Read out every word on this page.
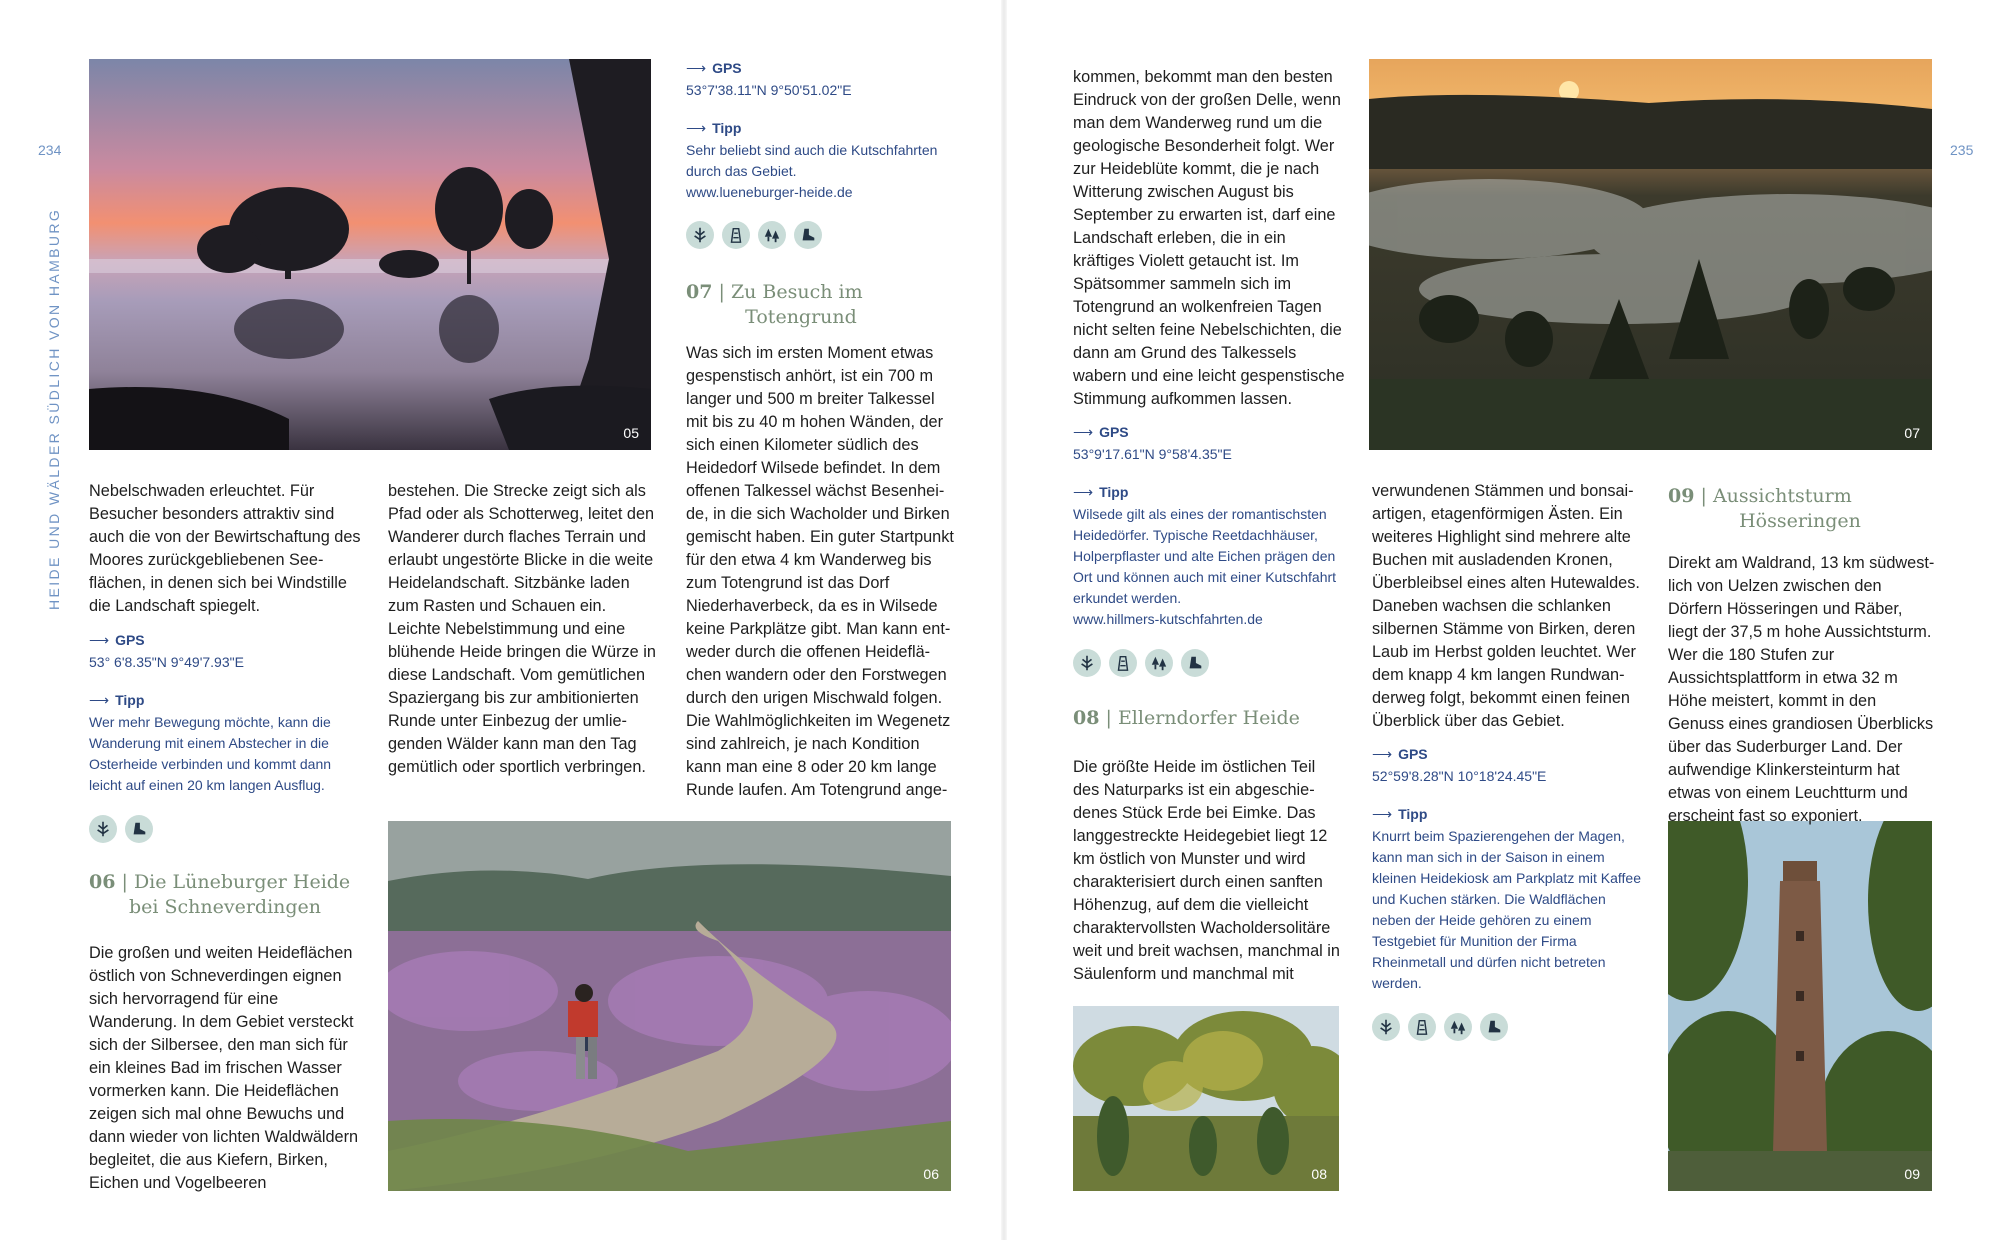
234	235
HEIDE UND WÄLDER SÜDLICH VON HAMBURG	05
06
07
08	09

Nebelschwaden erleuchtet. Für Besucher besonders attraktiv sind auch die von der Bewirtschaftung des Moores zurückgebliebenen Seeflächen, in denen sich bei Windstille die Landschaft spiegelt.

⟶ GPS
53° 6'8.35"N 9°49'7.93"E
⟶ Tipp

Wer mehr Bewegung möchte, kann die Wanderung mit einem Abstecher in die Osterheide verbinden und kommt dann leicht auf einen 20 km langen Ausflug.

06 | Die Lüneburger Heide
bei Schneverdingen

Die großen und weiten Heideflächen östlich von Schneverdingen eignen sich hervorragend für eine Wanderung. In dem Gebiet versteckt sich der Silbersee, den man sich für ein kleines Bad im frischen Wasser vormerken kann. Die Heideflächen zeigen sich mal ohne Bewuchs und dann wieder von lichten Waldwäldern begleitet, die aus Kiefern, Birken, Eichen und Vogelbeeren

bestehen. Die Strecke zeigt sich als Pfad oder als Schotterweg, leitet den Wanderer durch flaches Terrain und erlaubt ungestörte Blicke in die weite Heidelandschaft. Sitzbänke laden zum Rasten und Schauen ein. Leichte Nebelstimmung und eine blühende Heide bringen die Würze in diese Landschaft. Vom gemütlichen Spaziergang bis zur ambitionierten Runde unter Einbezug der umliegenden Wälder kann man den Tag gemütlich oder sportlich verbringen.

⟶ GPS
53°7'38.11"N 9°50'51.02"E
⟶ Tipp

Sehr beliebt sind auch die Kutschfahrten durch das Gebiet.

www.lueneburger-heide.de

07 | Zu Besuch im
Totengrund

Was sich im ersten Moment etwas gespenstisch anhört, ist ein 700 m langer und 500 m breiter Talkessel mit bis zu 40 m hohen Wänden, der sich einen Kilometer südlich des Heidedorf Wilsede befindet. In dem offenen Talkessel wächst Besenheide, in die sich Wacholder und Birken gemischt haben. Ein guter Startpunkt für den etwa 4 km Wanderweg bis zum Totengrund ist das Dorf Niederhaverbeck, da es in Wilsede keine Parkplätze gibt. Man kann entweder durch die offenen Heideflächen wandern oder den Forstwegen durch den urigen Mischwald folgen. Die Wahlmöglichkeiten im Wegenetz sind zahlreich, je nach Kondition kann man eine 8 oder 20 km lange Runde laufen. Am Totengrund ange-

kommen, bekommt man den besten Eindruck von der großen Delle, wenn man dem Wanderweg rund um die geologische Besonderheit folgt. Wer zur Heideblüte kommt, die je nach Witterung zwischen August bis September zu erwarten ist, darf eine Landschaft erleben, die in ein kräftiges Violett getaucht ist. Im Spätsommer sammeln sich im Totengrund an wolkenfreien Tagen nicht selten feine Nebelschichten, die dann am Grund des Talkessels wabern und eine leicht gespenstische Stimmung aufkommen lassen.

⟶ GPS
53°9'17.61"N 9°58'4.35"E
⟶ Tipp

Wilsede gilt als eines der romantischsten Heidedörfer. Typische Reetdachhäuser, Holperpflaster und alte Eichen prägen den Ort und können auch mit einer Kutschfahrt erkundet werden.

www.hillmers-kutschfahrten.de

08 | Ellerndorfer Heide

Die größte Heide im östlichen Teil des Naturparks ist ein abgeschiedenes Stück Erde bei Eimke. Das langgestreckte Heidegebiet liegt 12 km östlich von Munster und wird charakterisiert durch einen sanften Höhenzug, auf dem die vielleicht charaktervollsten Wacholdersolitäre weit und breit wachsen, manchmal in Säulenform und manchmal mit

verwundenen Stämmen und bonsaiartigen, etagenförmigen Ästen. Ein weiteres Highlight sind mehrere alte Buchen mit ausladenden Kronen, Überbleibsel eines alten Hutewaldes. Daneben wachsen die schlanken silbernen Stämme von Birken, deren Laub im Herbst golden leuchtet. Wer dem knapp 4 km langen Rundwanderweg folgt, bekommt einen feinen Überblick über das Gebiet.

⟶ GPS
52°59'8.28"N 10°18'24.45"E
⟶ Tipp

Knurrt beim Spazierengehen der Magen, kann man sich in der Saison in einem kleinen Heidekiosk am Parkplatz mit Kaffee und Kuchen stärken. Die Waldflächen neben der Heide gehören zu einem Testgebiet für Munition der Firma Rheinmetall und dürfen nicht betreten werden.

09 | Aussichtsturm
Hösseringen

Direkt am Waldrand, 13 km südwestlich von Uelzen zwischen den Dörfern Hösseringen und Räber, liegt der 37,5 m hohe Aussichtsturm. Wer die 180 Stufen zur Aussichtsplattform in etwa 32 m Höhe meistert, kommt in den Genuss eines grandiosen Überblicks über das Suderburger Land. Der aufwendige Klinkersteinturm hat etwas von einem Leuchtturm und erscheint fast so exponiert.
